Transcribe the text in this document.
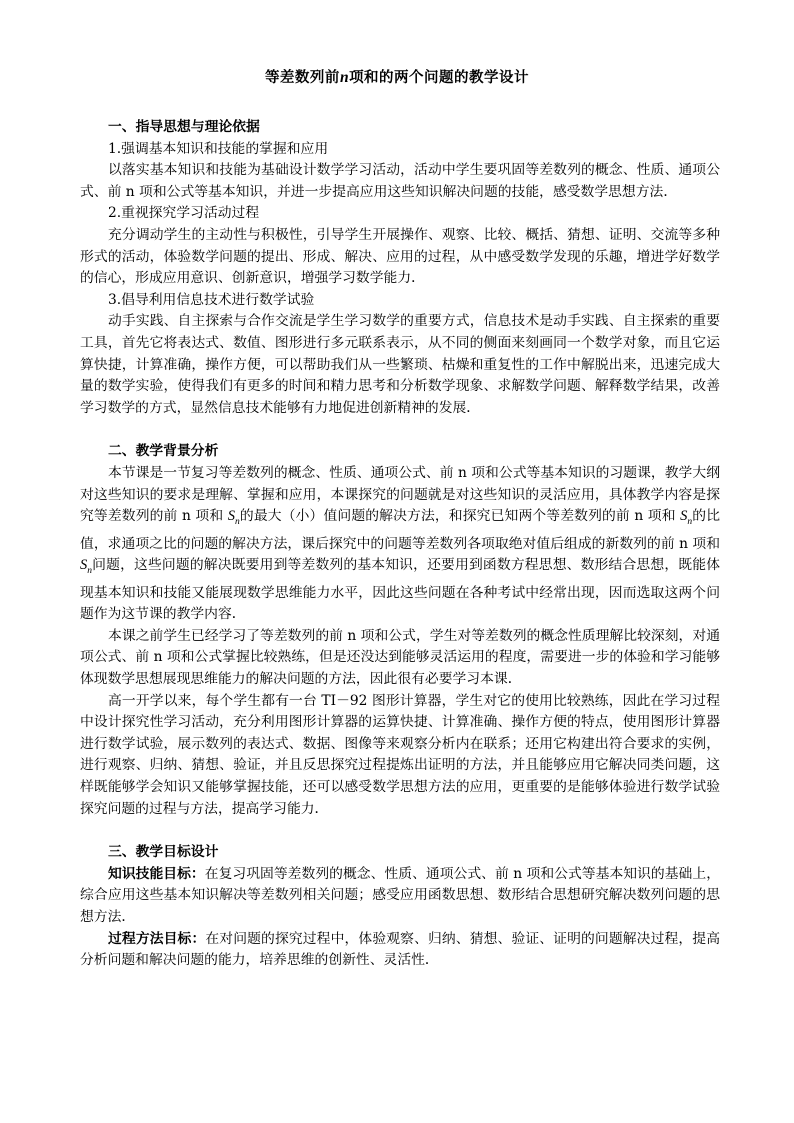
等差数列前n项和的两个问题的教学设计

一、指导思想与理论依据

1.强调基本知识和技能的掌握和应用

以落实基本知识和技能为基础设计数学学习活动，活动中学生要巩固等差数列的概念、性质、通项公式、前 n 项和公式等基本知识，并进一步提高应用这些知识解决问题的技能，感受数学思想方法．

2.重视探究学习活动过程

充分调动学生的主动性与积极性，引导学生开展操作、观察、比较、概括、猜想、证明、交流等多种形式的活动，体验数学问题的提出、形成、解决、应用的过程，从中感受数学发现的乐趣，增进学好数学的信心，形成应用意识、创新意识，增强学习数学能力．

3.倡导利用信息技术进行数学试验

动手实践、自主探索与合作交流是学生学习数学的重要方式，信息技术是动手实践、自主探索的重要工具，首先它将表达式、数值、图形进行多元联系表示，从不同的侧面来刻画同一个数学对象，而且它运算快捷，计算准确，操作方便，可以帮助我们从一些繁琐、枯燥和重复性的工作中解脱出来，迅速完成大量的数学实验，使得我们有更多的时间和精力思考和分析数学现象、求解数学问题、解释数学结果，改善学习数学的方式，显然信息技术能够有力地促进创新精神的发展．

二、教学背景分析

本节课是一节复习等差数列的概念、性质、通项公式、前 n 项和公式等基本知识的习题课，教学大纲对这些知识的要求是理解、掌握和应用，本课探究的问题就是对这些知识的灵活应用，具体教学内容是探究等差数列的前 n 项和 $S_n$的最大（小）值问题的解决方法，和探究已知两个等差数列的前 n 项和 $S_n$的比值，求通项之比的问题的解决方法，课后探究中的问题等差数列各项取绝对值后组成的新数列的前 n 项和 $S_n$问题，这些问题的解决既要用到等差数列的基本知识，还要用到函数方程思想、数形结合思想，既能体现基本知识和技能又能展现数学思维能力水平，因此这些问题在各种考试中经常出现，因而选取这两个问题作为这节课的教学内容．

本课之前学生已经学习了等差数列的前 n 项和公式，学生对等差数列的概念性质理解比较深刻，对通项公式、前 n 项和公式掌握比较熟练，但是还没达到能够灵活运用的程度，需要进一步的体验和学习能够体现数学思想展现思维能力的解决问题的方法，因此很有必要学习本课．

高一开学以来，每个学生都有一台 TI－92 图形计算器，学生对它的使用比较熟练，因此在学习过程中设计探究性学习活动，充分利用图形计算器的运算快捷、计算准确、操作方便的特点，使用图形计算器进行数学试验，展示数列的表达式、数据、图像等来观察分析内在联系；还用它构建出符合要求的实例，进行观察、归纳、猜想、验证，并且反思探究过程提炼出证明的方法，并且能够应用它解决同类问题，这样既能够学会知识又能够掌握技能，还可以感受数学思想方法的应用，更重要的是能够体验进行数学试验探究问题的过程与方法，提高学习能力．

三、教学目标设计

知识技能目标：在复习巩固等差数列的概念、性质、通项公式、前 n 项和公式等基本知识的基础上，综合应用这些基本知识解决等差数列相关问题；感受应用函数思想、数形结合思想研究解决数列问题的思想方法．

过程方法目标：在对问题的探究过程中，体验观察、归纳、猜想、验证、证明的问题解决过程，提高分析问题和解决问题的能力，培养思维的创新性、灵活性．
